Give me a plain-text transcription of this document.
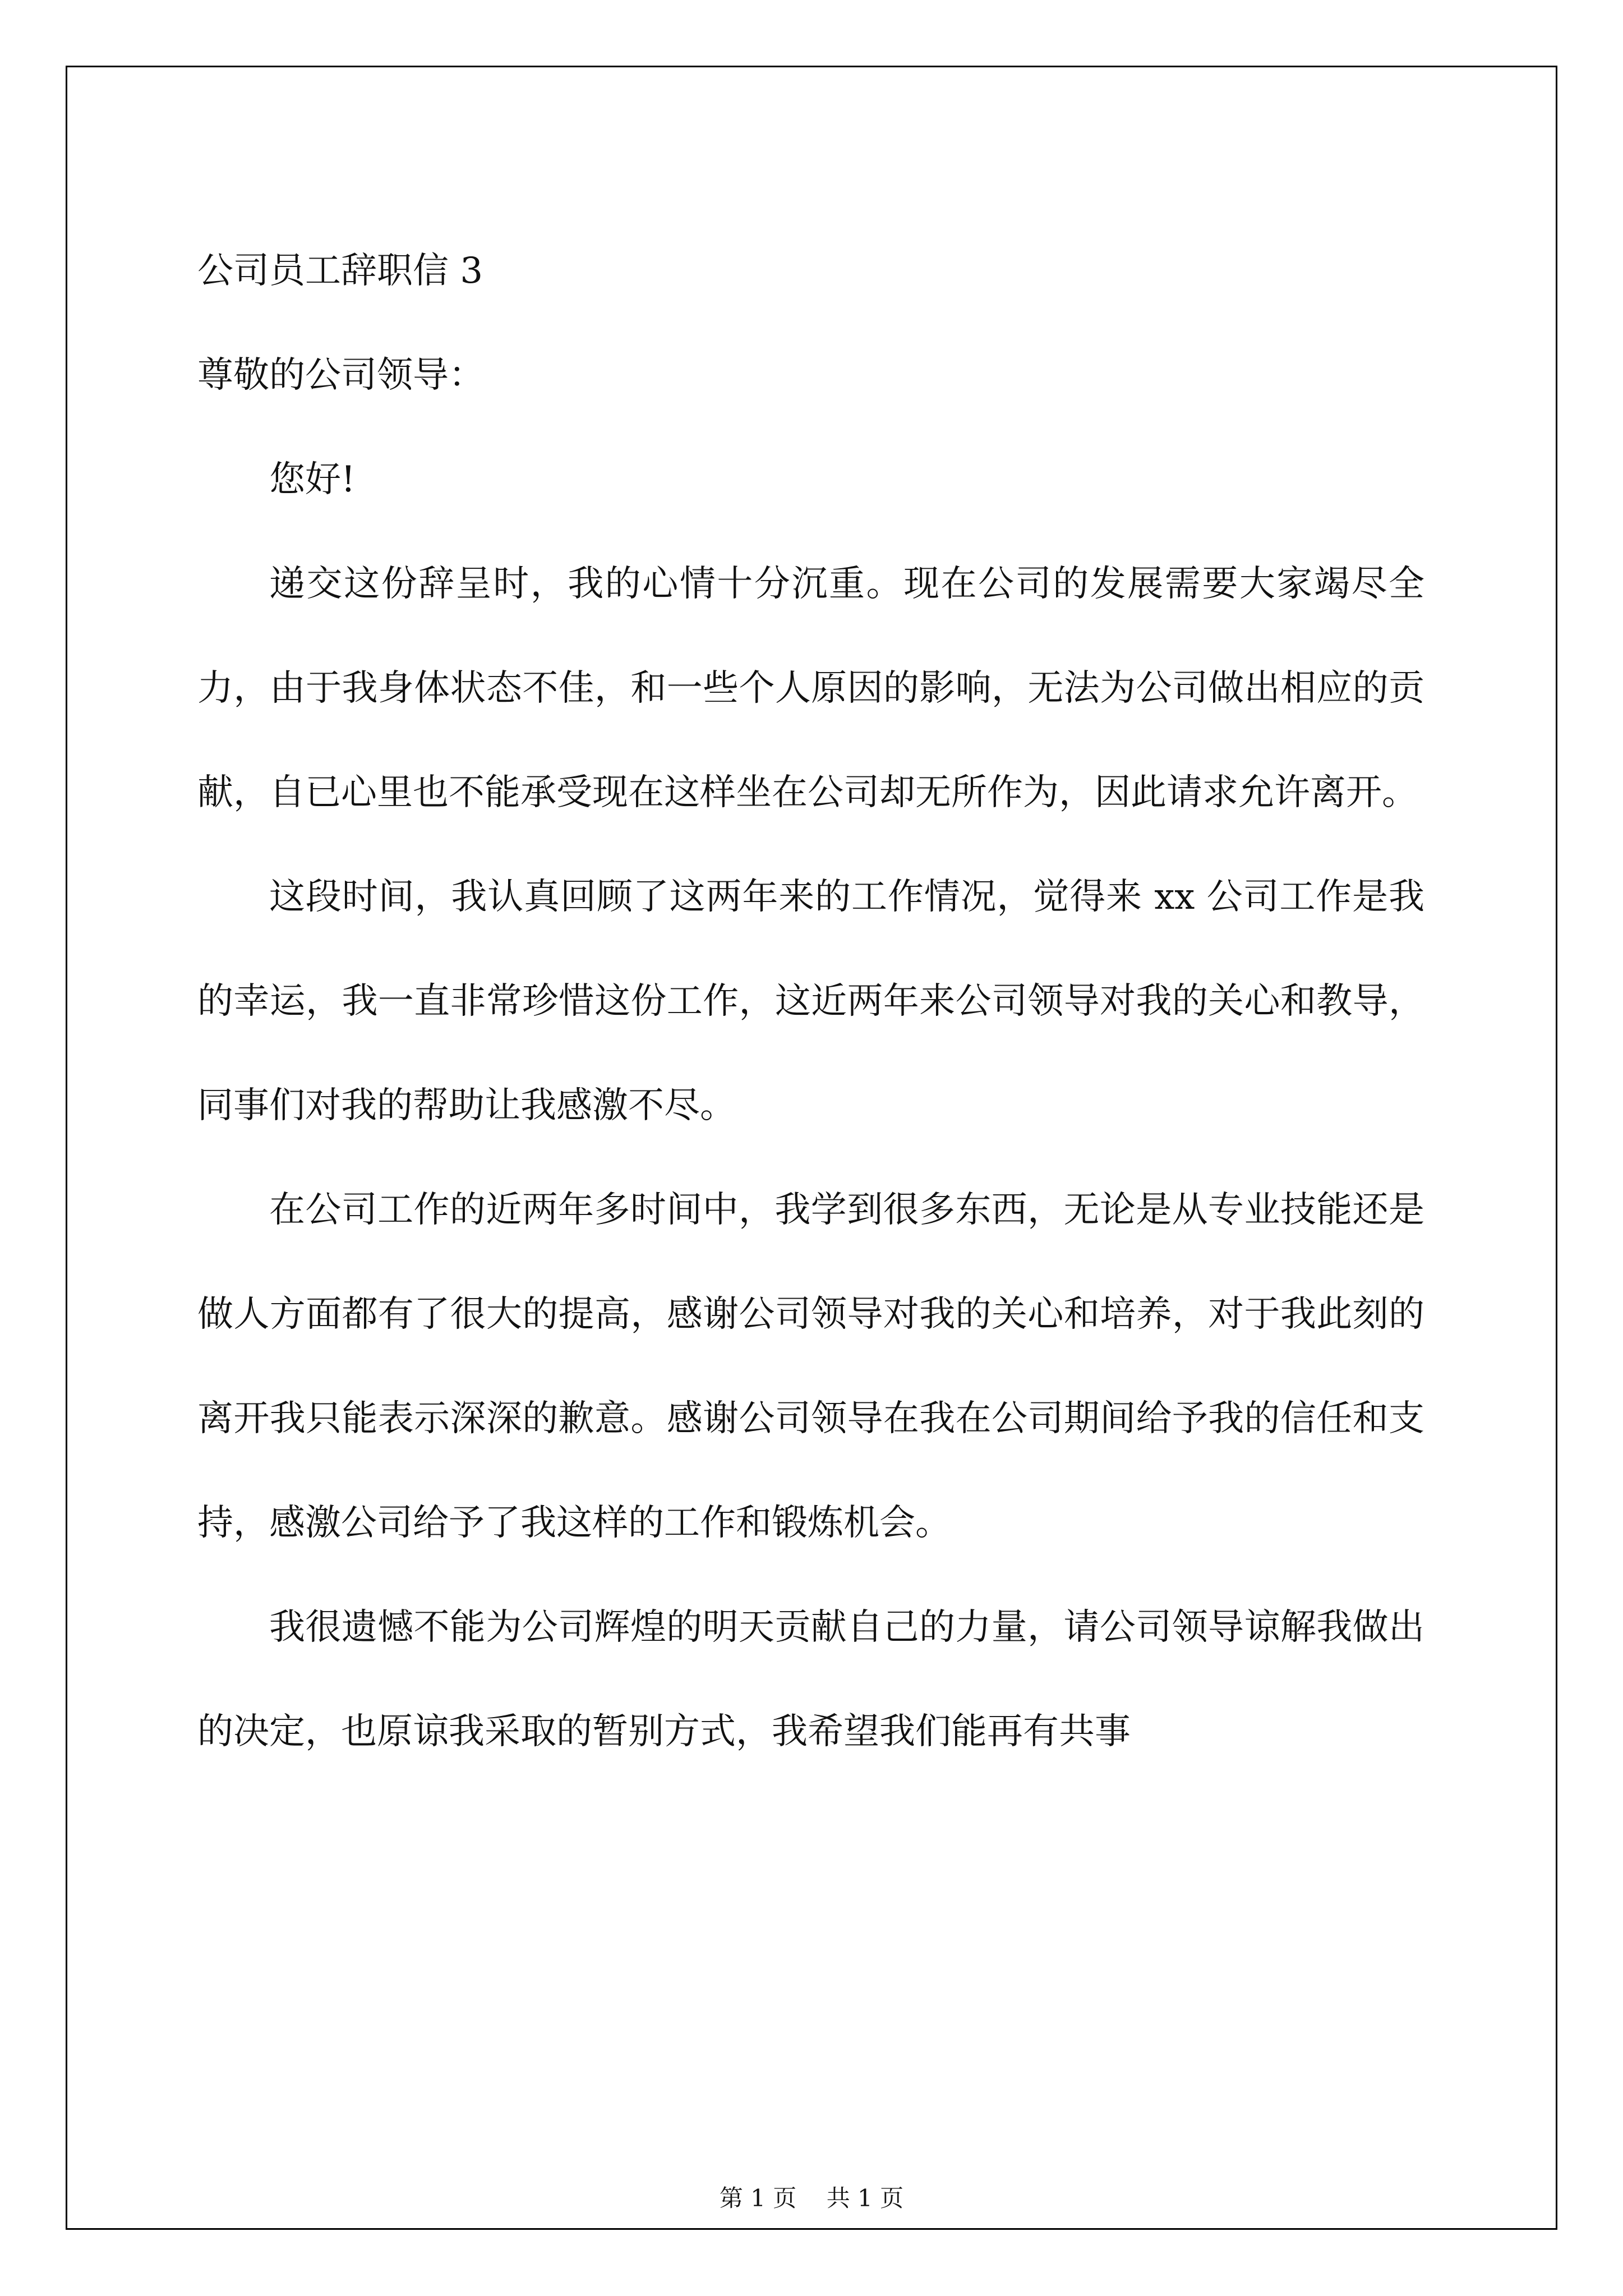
公司员工辞职信 3

尊敬的公司领导：

您好!

递交这份辞呈时，我的心情十分沉重。现在公司的发展需要大家竭尽全力，由于我身体状态不佳，和一些个人原因的影响，无法为公司做出相应的贡献，自已心里也不能承受现在这样坐在公司却无所作为，因此请求允许离开。

这段时间，我认真回顾了这两年来的工作情况，觉得来 xx 公司工作是我的幸运，我一直非常珍惜这份工作，这近两年来公司领导对我的关心和教导，同事们对我的帮助让我感激不尽。

在公司工作的近两年多时间中，我学到很多东西，无论是从专业技能还是做人方面都有了很大的提高，感谢公司领导对我的关心和培养，对于我此刻的离开我只能表示深深的歉意。感谢公司领导在我在公司期间给予我的信任和支持，感激公司给予了我这样的工作和锻炼机会。

我很遗憾不能为公司辉煌的明天贡献自己的力量，请公司领导谅解我做出的决定，也原谅我采取的暂别方式，我希望我们能再有共事

第 1 页    共 1 页
